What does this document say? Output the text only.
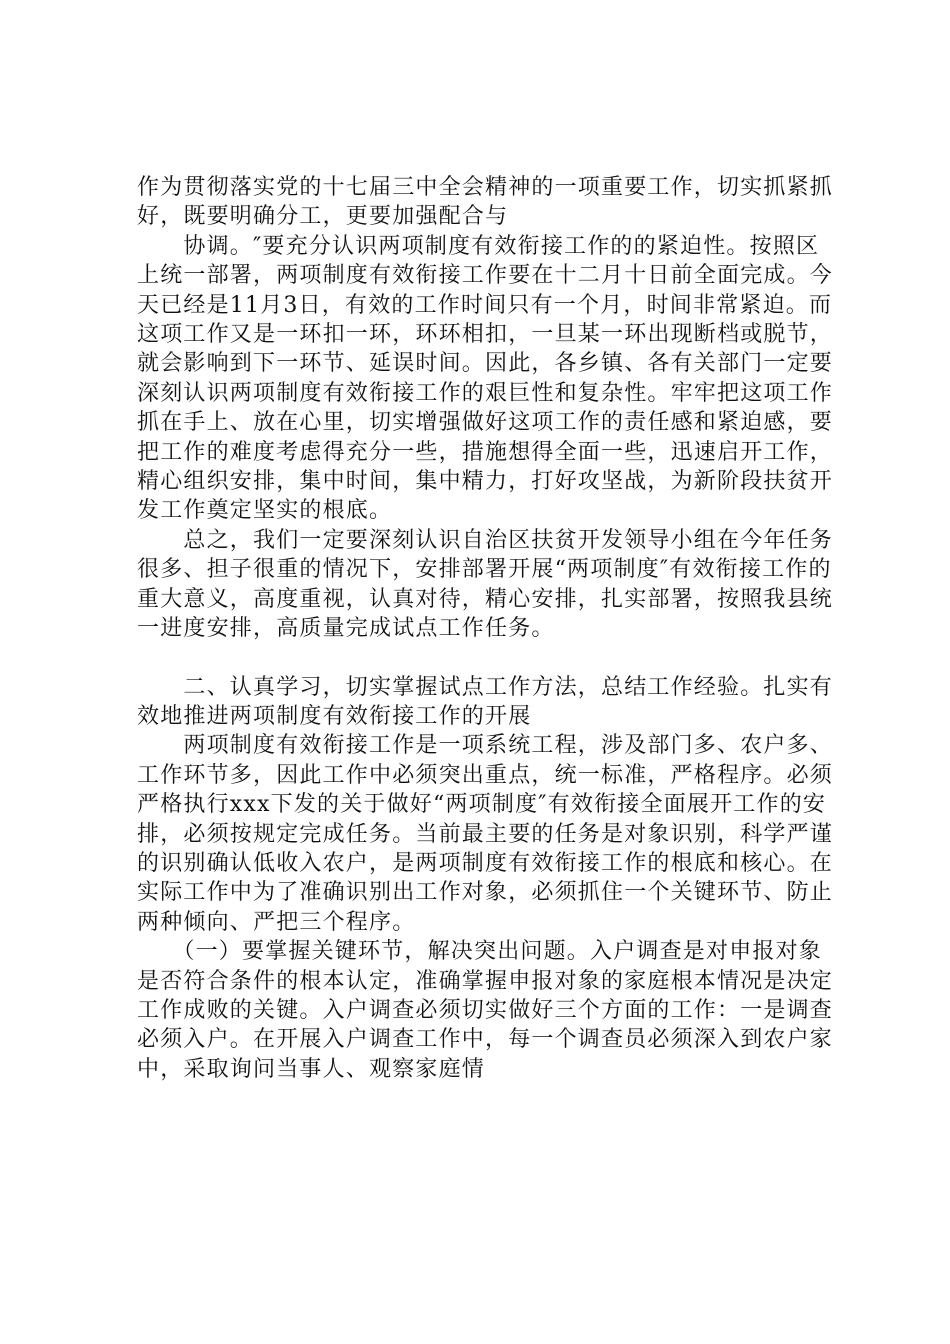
作为贯彻落实党的十七届三中全会精神的一项重要工作，切实抓紧抓好，既要明确分工，更要加强配合与

　　协调。″要充分认识两项制度有效衔接工作的的紧迫性。按照区上统一部署，两项制度有效衔接工作要在十二月十日前全面完成。今天已经是11月3日，有效的工作时间只有一个月，时间非常紧迫。而这项工作又是一环扣一环，环环相扣，一旦某一环出现断档或脱节，就会影响到下一环节、延误时间。因此，各乡镇、各有关部门一定要深刻认识两项制度有效衔接工作的艰巨性和复杂性。牢牢把这项工作抓在手上、放在心里，切实增强做好这项工作的责任感和紧迫感，要把工作的难度考虑得充分一些，措施想得全面一些，迅速启开工作，精心组织安排，集中时间，集中精力，打好攻坚战，为新阶段扶贫开发工作奠定坚实的根底。

　　总之，我们一定要深刻认识自治区扶贫开发领导小组在今年任务很多、担子很重的情况下，安排部署开展“两项制度″有效衔接工作的重大意义，高度重视，认真对待，精心安排，扎实部署，按照我县统一进度安排，高质量完成试点工作任务。

　　二、认真学习，切实掌握试点工作方法，总结工作经验。扎实有效地推进两项制度有效衔接工作的开展

　　两项制度有效衔接工作是一项系统工程，涉及部门多、农户多、工作环节多，因此工作中必须突出重点，统一标准，严格程序。必须严格执行xxx下发的关于做好“两项制度″有效衔接全面展开工作的安排，必须按规定完成任务。当前最主要的任务是对象识别，科学严谨的识别确认低收入农户，是两项制度有效衔接工作的根底和核心。在实际工作中为了准确识别出工作对象，必须抓住一个关键环节、防止两种倾向、严把三个程序。

　　（一）要掌握关键环节，解决突出问题。入户调查是对申报对象是否符合条件的根本认定，准确掌握申报对象的家庭根本情况是决定工作成败的关键。入户调查必须切实做好三个方面的工作：一是调查必须入户。在开展入户调查工作中，每一个调查员必须深入到农户家中，采取询问当事人、观察家庭情
